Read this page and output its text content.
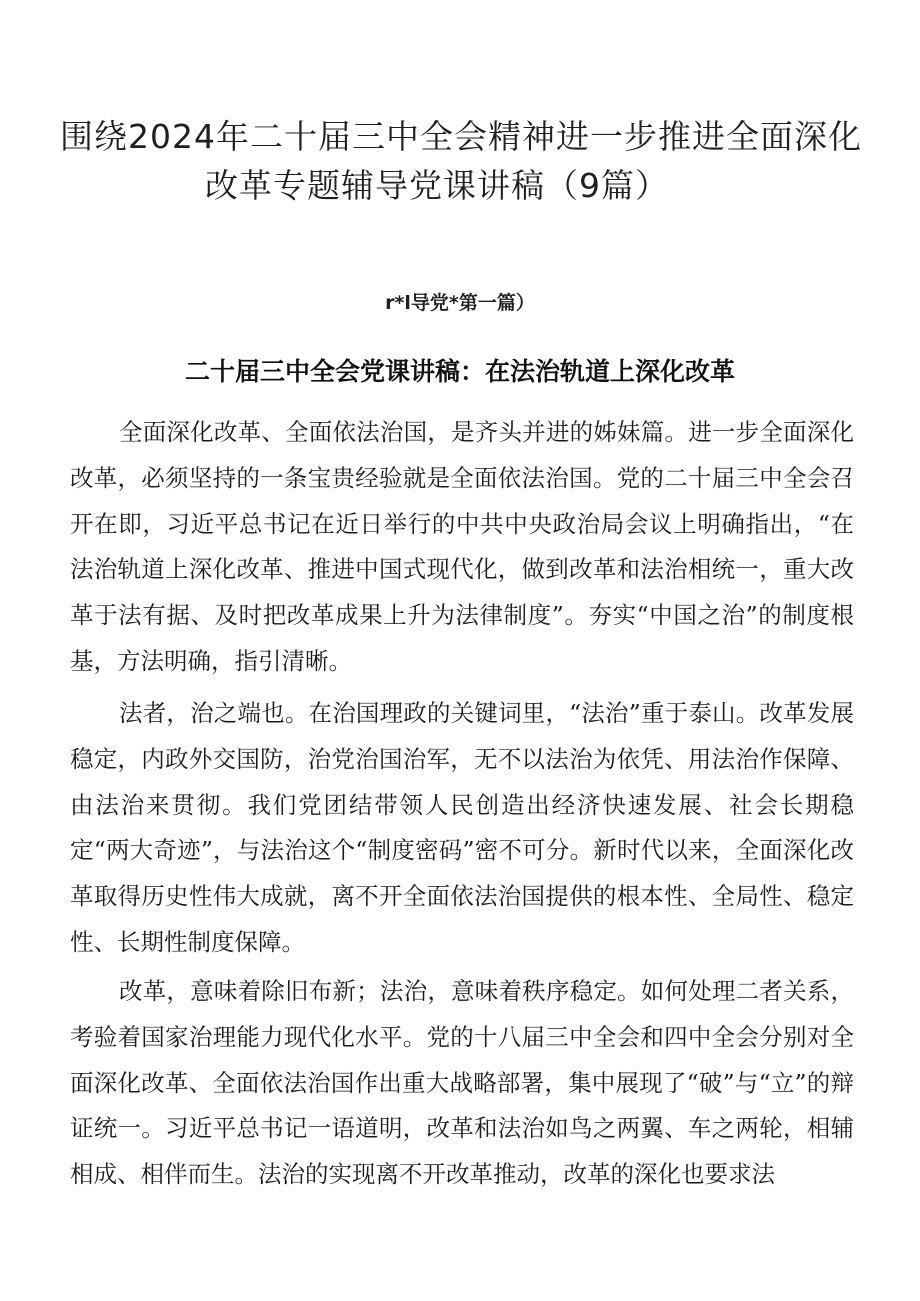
围绕2024年二十届三中全会精神进一步推进全面深化
改革专题辅导党课讲稿（9篇）
r*l导党*第一篇）
二十届三中全会党课讲稿：在法治轨道上深化改革

全面深化改革、全面依法治国，是齐头并进的姊妹篇。进一步全面深化改革，必须坚持的一条宝贵经验就是全面依法治国。党的二十届三中全会召开在即，习近平总书记在近日举行的中共中央政治局会议上明确指出，“在法治轨道上深化改革、推进中国式现代化，做到改革和法治相统一，重大改革于法有据、及时把改革成果上升为法律制度”。夯实“中国之治”的制度根基，方法明确，指引清晰。

法者，治之端也。在治国理政的关键词里，“法治”重于泰山。改革发展稳定，内政外交国防，治党治国治军，无不以法治为依凭、用法治作保障、由法治来贯彻。我们党团结带领人民创造出经济快速发展、社会长期稳定“两大奇迹”，与法治这个“制度密码”密不可分。新时代以来，全面深化改革取得历史性伟大成就，离不开全面依法治国提供的根本性、全局性、稳定性、长期性制度保障。

改革，意味着除旧布新；法治，意味着秩序稳定。如何处理二者关系，考验着国家治理能力现代化水平。党的十八届三中全会和四中全会分别对全面深化改革、全面依法治国作出重大战略部署，集中展现了“破”与“立”的辩证统一。习近平总书记一语道明，改革和法治如鸟之两翼、车之两轮，相辅相成、相伴而生。法治的实现离不开改革推动，改革的深化也要求法
